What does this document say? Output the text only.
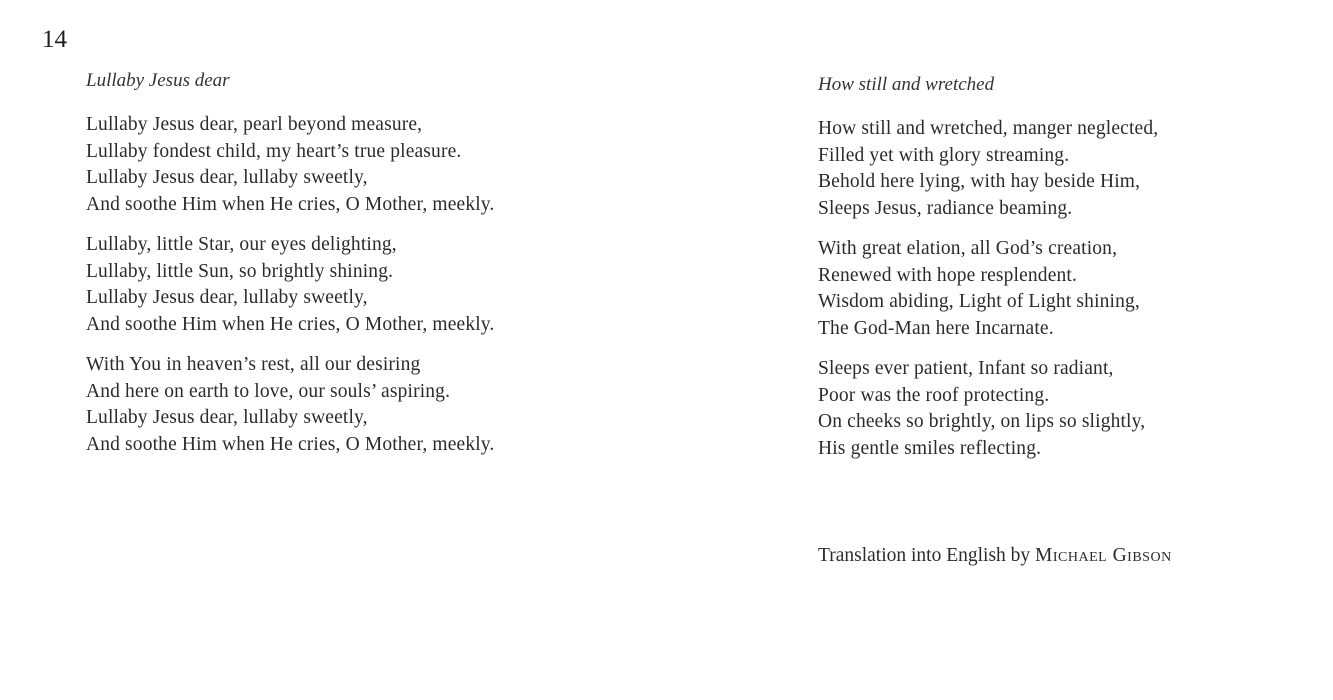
14
Lullaby Jesus dear
Lullaby Jesus dear, pearl beyond measure,
Lullaby fondest child, my heart’s true pleasure.
Lullaby Jesus dear, lullaby sweetly,
And soothe Him when He cries, O Mother, meekly.
Lullaby, little Star, our eyes delighting,
Lullaby, little Sun, so brightly shining.
Lullaby Jesus dear, lullaby sweetly,
And soothe Him when He cries, O Mother, meekly.
With You in heaven’s rest, all our desiring
And here on earth to love, our souls’ aspiring.
Lullaby Jesus dear, lullaby sweetly,
And soothe Him when He cries, O Mother, meekly.
How still and wretched
How still and wretched, manger neglected,
Filled yet with glory streaming.
Behold here lying, with hay beside Him,
Sleeps Jesus, radiance beaming.
With great elation, all God’s creation,
Renewed with hope resplendent.
Wisdom abiding, Light of Light shining,
The God-Man here Incarnate.
Sleeps ever patient, Infant so radiant,
Poor was the roof protecting.
On cheeks so brightly, on lips so slightly,
His gentle smiles reflecting.
Translation into English by Michael Gibson
